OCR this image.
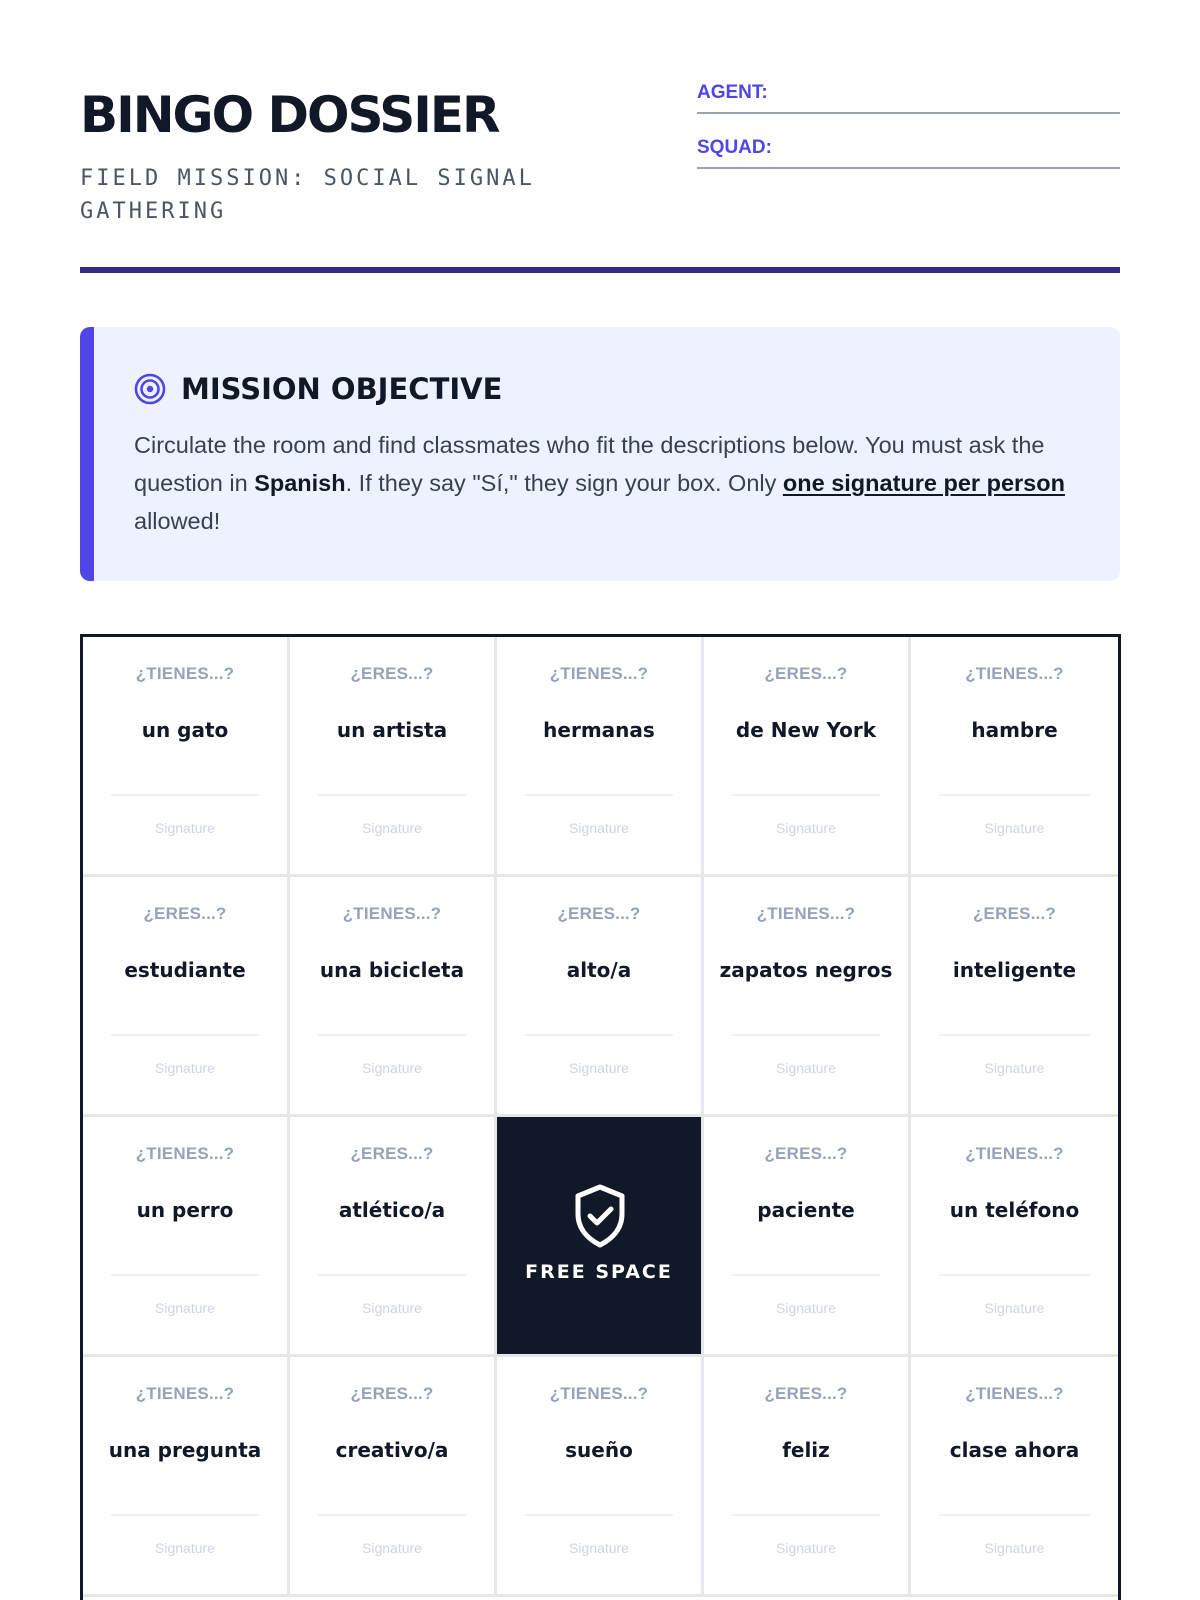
BINGO DOSSIER
FIELD MISSION: SOCIAL SIGNAL GATHERING
AGENT:
SQUAD:
MISSION OBJECTIVE

Circulate the room and find classmates who fit the descriptions below. You must ask the question in Spanish. If they say "Sí," they sign your box. Only one signature per person allowed!

¿TIENES...?
un gato
Signature
¿ERES...?
un artista
Signature
¿TIENES...?
hermanas
Signature
¿ERES...?
de New York
Signature
¿TIENES...?
hambre
Signature
¿ERES...?
estudiante
Signature
¿TIENES...?
una bicicleta
Signature
¿ERES...?
alto/a
Signature
¿TIENES...?
zapatos negros
Signature
¿ERES...?
inteligente
Signature
¿TIENES...?
un perro
Signature
¿ERES...?
atlético/a
Signature
FREE SPACE
¿ERES...?
paciente
Signature
¿TIENES...?
un teléfono
Signature
¿TIENES...?
una pregunta
Signature
¿ERES...?
creativo/a
Signature
¿TIENES...?
sueño
Signature
¿ERES...?
feliz
Signature
¿TIENES...?
clase ahora
Signature
